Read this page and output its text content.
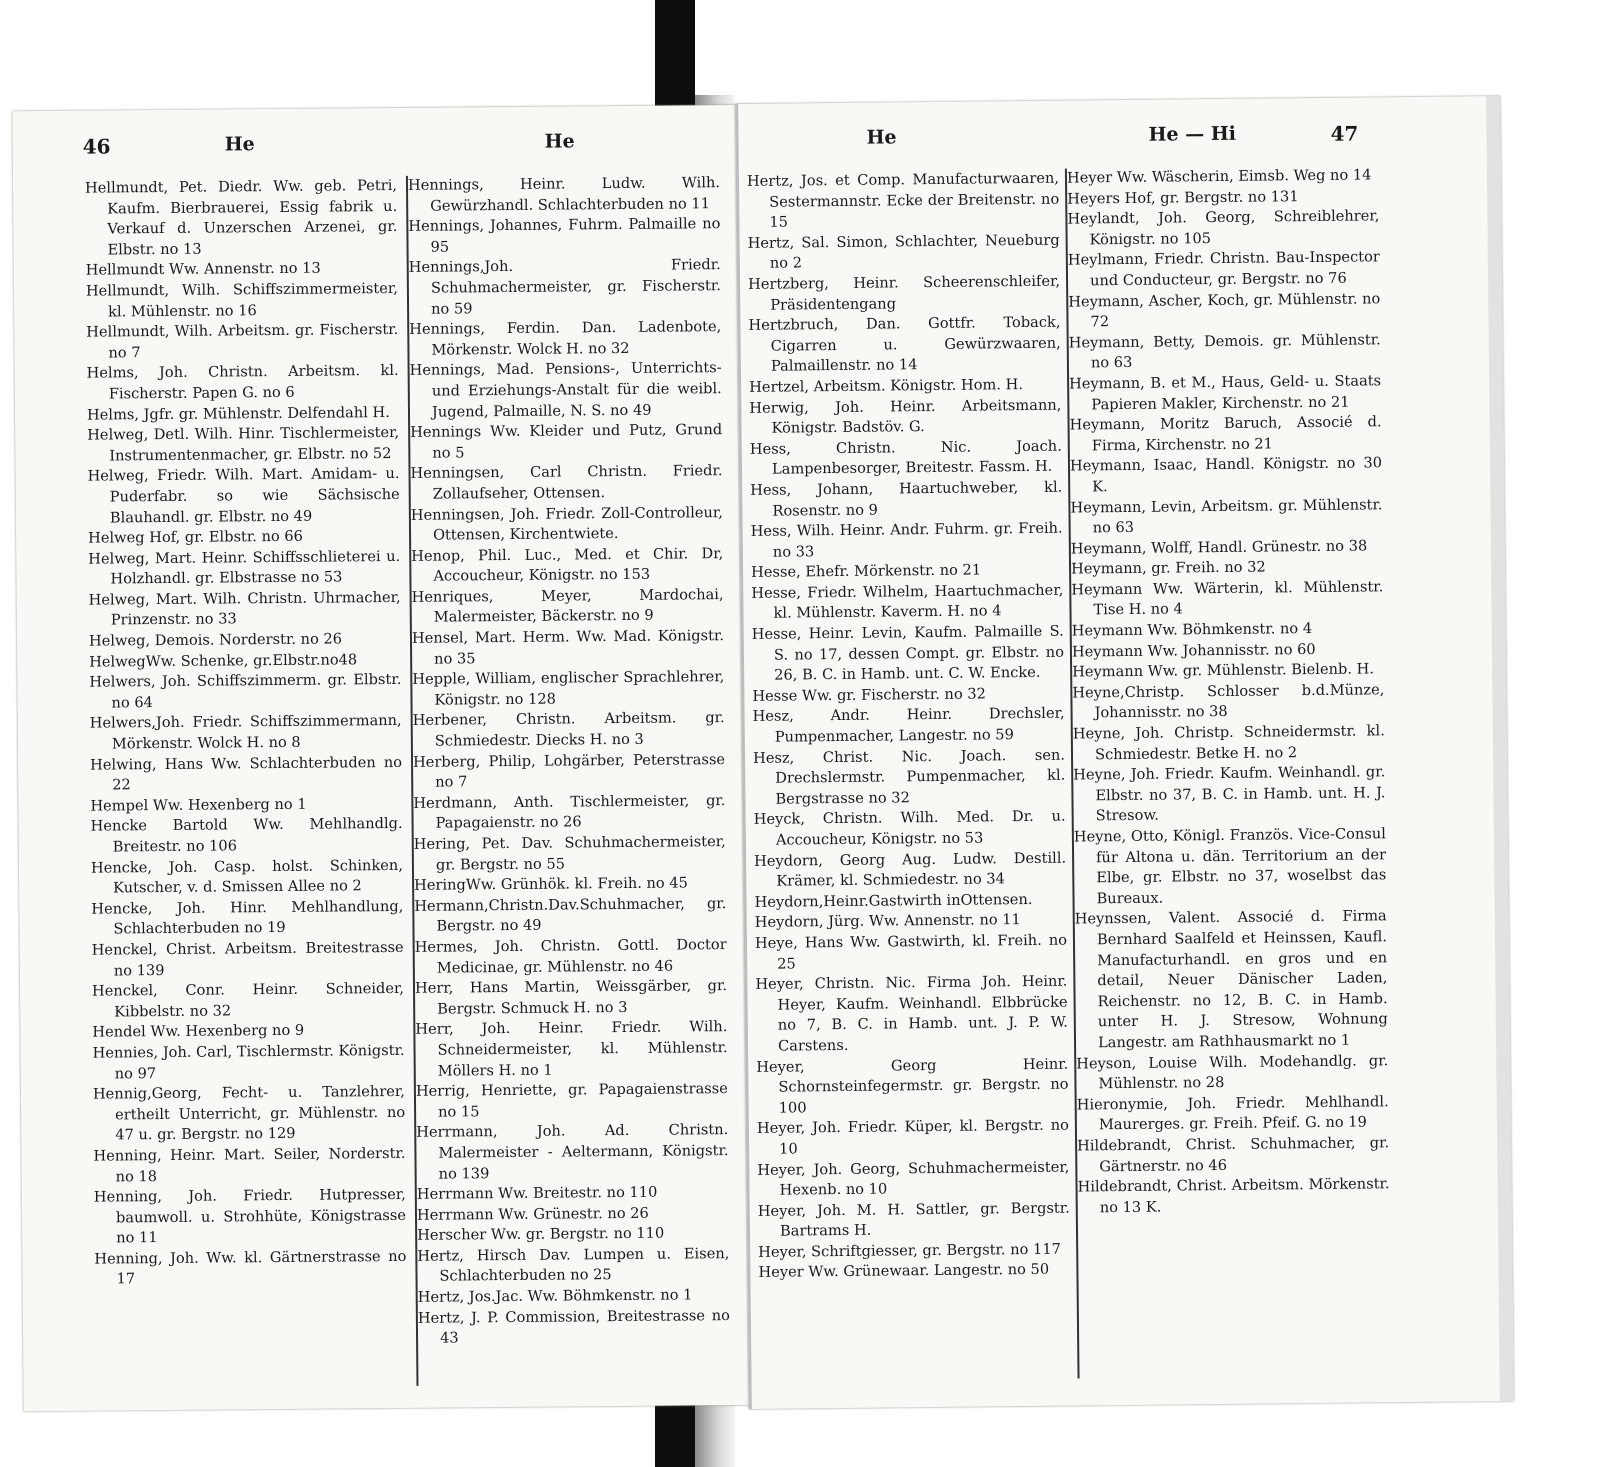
46	He	He

Hellmundt, Pet. Diedr. Ww. geb. Petri, Kaufm. Bierbrauerei, Essig fabrik u. Verkauf d. Unzerschen Arzenei, gr. Elbstr. no 13

Hellmundt Ww. Annenstr. no 13

Hellmundt, Wilh. Schiffszimmermeister, kl. Mühlenstr. no 16

Hellmundt, Wilh. Arbeitsm. gr. Fischerstr. no 7

Helms, Joh. Christn. Arbeitsm. kl. Fischerstr. Papen G. no 6

Helms, Jgfr. gr. Mühlenstr. Delfendahl H.

Helweg, Detl. Wilh. Hinr. Tischlermeister, Instrumentenmacher, gr. Elbstr. no 52

Helweg, Friedr. Wilh. Mart. Amidam- u. Puderfabr. so wie Sächsische Blauhandl. gr. Elbstr. no 49

Helweg Hof, gr. Elbstr. no 66

Helweg, Mart. Heinr. Schiffsschlieterei u. Holzhandl. gr. Elbstrasse no 53

Helweg, Mart. Wilh. Christn. Uhrmacher, Prinzenstr. no 33

Helweg, Demois. Norderstr. no 26

HelwegWw. Schenke, gr.Elbstr.no48

Helwers, Joh. Schiffszimmerm. gr. Elbstr. no 64

Helwers,Joh. Friedr. Schiffszimmermann, Mörkenstr. Wolck H. no 8

Helwing, Hans Ww. Schlachterbuden no 22

Hempel Ww. Hexenberg no 1

Hencke Bartold Ww. Mehlhandlg. Breitestr. no 106

Hencke, Joh. Casp. holst. Schinken, Kutscher, v. d. Smissen Allee no 2

Hencke, Joh. Hinr. Mehlhandlung, Schlachterbuden no 19

Henckel, Christ. Arbeitsm. Breitestrasse no 139

Henckel, Conr. Heinr. Schneider, Kibbelstr. no 32

Hendel Ww. Hexenberg no 9

Hennies, Joh. Carl, Tischlermstr. Königstr. no 97

Hennig,Georg, Fecht- u. Tanzlehrer, ertheilt Unterricht, gr. Mühlenstr. no 47 u. gr. Bergstr. no 129

Henning, Heinr. Mart. Seiler, Norderstr. no 18

Henning, Joh. Friedr. Hutpresser, baumwoll. u. Strohhüte, Königstrasse no 11

Henning, Joh. Ww. kl. Gärtnerstrasse no 17

Hennings, Heinr. Ludw. Wilh. Gewürzhandl. Schlachterbuden no 11

Hennings, Johannes, Fuhrm. Palmaille no 95

Hennings,Joh. Friedr. Schuhmachermeister, gr. Fischerstr. no 59

Hennings, Ferdin. Dan. Ladenbote, Mörkenstr. Wolck H. no 32

Hennings, Mad. Pensions-, Unterrichts- und Erziehungs-Anstalt für die weibl. Jugend, Palmaille, N. S. no 49

Hennings Ww. Kleider und Putz, Grund no 5

Henningsen, Carl Christn. Friedr. Zollaufseher, Ottensen.

Henningsen, Joh. Friedr. Zoll-Controlleur, Ottensen, Kirchentwiete.

Henop, Phil. Luc., Med. et Chir. Dr, Accoucheur, Königstr. no 153

Henriques, Meyer, Mardochai, Malermeister, Bäckerstr. no 9

Hensel, Mart. Herm. Ww. Mad. Königstr. no 35

Hepple, William, englischer Sprachlehrer, Königstr. no 128

Herbener, Christn. Arbeitsm. gr. Schmiedestr. Diecks H. no 3

Herberg, Philip, Lohgärber, Peterstrasse no 7

Herdmann, Anth. Tischlermeister, gr. Papagaienstr. no 26

Hering, Pet. Dav. Schuhmachermeister, gr. Bergstr. no 55

HeringWw. Grünhök. kl. Freih. no 45

Hermann,Christn.Dav.Schuhmacher, gr. Bergstr. no 49

Hermes, Joh. Christn. Gottl. Doctor Medicinae, gr. Mühlenstr. no 46

Herr, Hans Martin, Weissgärber, gr. Bergstr. Schmuck H. no 3

Herr, Joh. Heinr. Friedr. Wilh. Schneidermeister, kl. Mühlenstr. Möllers H. no 1

Herrig, Henriette, gr. Papagaienstrasse no 15

Herrmann, Joh. Ad. Christn. Malermeister - Aeltermann, Königstr. no 139

Herrmann Ww. Breitestr. no 110

Herrmann Ww. Grünestr. no 26

Herscher Ww. gr. Bergstr. no 110

Hertz, Hirsch Dav. Lumpen u. Eisen, Schlachterbuden no 25

Hertz, Jos.Jac. Ww. Böhmkenstr. no 1

Hertz, J. P. Commission, Breitestrasse no 43

He	He — Hi	47

Hertz, Jos. et Comp. Manufacturwaaren, Sestermannstr. Ecke der Breitenstr. no 15

Hertz, Sal. Simon, Schlachter, Neueburg no 2

Hertzberg, Heinr. Scheerenschleifer, Präsidentengang

Hertzbruch, Dan. Gottfr. Toback, Cigarren u. Gewürzwaaren, Palmaillenstr. no 14

Hertzel, Arbeitsm. Königstr. Hom. H.

Herwig, Joh. Heinr. Arbeitsmann, Königstr. Badstöv. G.

Hess, Christn. Nic. Joach. Lampenbesorger, Breitestr. Fassm. H.

Hess, Johann, Haartuchweber, kl. Rosenstr. no 9

Hess, Wilh. Heinr. Andr. Fuhrm. gr. Freih. no 33

Hesse, Ehefr. Mörkenstr. no 21

Hesse, Friedr. Wilhelm, Haartuchmacher, kl. Mühlenstr. Kaverm. H. no 4

Hesse, Heinr. Levin, Kaufm. Palmaille S. S. no 17, dessen Compt. gr. Elbstr. no 26, B. C. in Hamb. unt. C. W. Encke.

Hesse Ww. gr. Fischerstr. no 32

Hesz, Andr. Heinr. Drechsler, Pumpenmacher, Langestr. no 59

Hesz, Christ. Nic. Joach. sen. Drechslermstr. Pumpenmacher, kl. Bergstrasse no 32

Heyck, Christn. Wilh. Med. Dr. u. Accoucheur, Königstr. no 53

Heydorn, Georg Aug. Ludw. Destill. Krämer, kl. Schmiedestr. no 34

Heydorn,Heinr.Gastwirth inOttensen.

Heydorn, Jürg. Ww. Annenstr. no 11

Heye, Hans Ww. Gastwirth, kl. Freih. no 25

Heyer, Christn. Nic. Firma Joh. Heinr. Heyer, Kaufm. Weinhandl. Elbbrücke no 7, B. C. in Hamb. unt. J. P. W. Carstens.

Heyer, Georg Heinr. Schornsteinfegermstr. gr. Bergstr. no 100

Heyer, Joh. Friedr. Küper, kl. Bergstr. no 10

Heyer, Joh. Georg, Schuhmachermeister, Hexenb. no 10

Heyer, Joh. M. H. Sattler, gr. Bergstr. Bartrams H.

Heyer, Schriftgiesser, gr. Bergstr. no 117

Heyer Ww. Grünewaar. Langestr. no 50

Heyer Ww. Wäscherin, Eimsb. Weg no 14

Heyers Hof, gr. Bergstr. no 131

Heylandt, Joh. Georg, Schreiblehrer, Königstr. no 105

Heylmann, Friedr. Christn. Bau-Inspector und Conducteur, gr. Bergstr. no 76

Heymann, Ascher, Koch, gr. Mühlenstr. no 72

Heymann, Betty, Demois. gr. Mühlenstr. no 63

Heymann, B. et M., Haus, Geld- u. Staats Papieren Makler, Kirchenstr. no 21

Heymann, Moritz Baruch, Associé d. Firma, Kirchenstr. no 21

Heymann, Isaac, Handl. Königstr. no 30 K.

Heymann, Levin, Arbeitsm. gr. Mühlenstr. no 63

Heymann, Wolff, Handl. Grünestr. no 38

Heymann, gr. Freih. no 32

Heymann Ww. Wärterin, kl. Mühlenstr. Tise H. no 4

Heymann Ww. Böhmkenstr. no 4

Heymann Ww. Johannisstr. no 60

Heymann Ww. gr. Mühlenstr. Bielenb. H.

Heyne,Christp. Schlosser b.d.Münze, Johannisstr. no 38

Heyne, Joh. Christp. Schneidermstr. kl. Schmiedestr. Betke H. no 2

Heyne, Joh. Friedr. Kaufm. Weinhandl. gr. Elbstr. no 37, B. C. in Hamb. unt. H. J. Stresow.

Heyne, Otto, Königl. Französ. Vice-Consul für Altona u. dän. Territorium an der Elbe, gr. Elbstr. no 37, woselbst das Bureaux.

Heynssen, Valent. Associé d. Firma Bernhard Saalfeld et Heinssen, Kaufl. Manufacturhandl. en gros und en detail, Neuer Dänischer Laden, Reichenstr. no 12, B. C. in Hamb. unter H. J. Stresow, Wohnung Langestr. am Rathhausmarkt no 1

Heyson, Louise Wilh. Modehandlg. gr. Mühlenstr. no 28

Hieronymie, Joh. Friedr. Mehlhandl. Maurerges. gr. Freih. Pfeif. G. no 19

Hildebrandt, Christ. Schuhmacher, gr. Gärtnerstr. no 46

Hildebrandt, Christ. Arbeitsm. Mörkenstr. no 13 K.
